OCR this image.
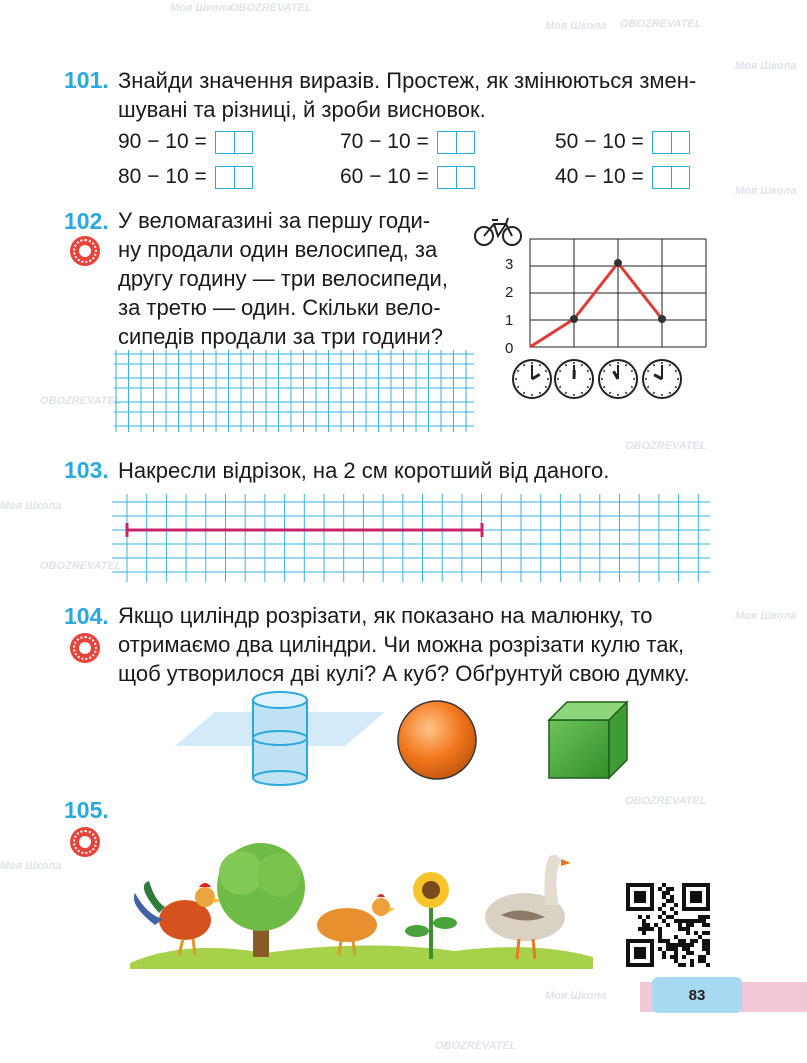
Моя Школа
OBOZREVATEL
Моя Школа OBOZREVATEL
Моя Школа
OBOZREVATEL
Моя Школа
OBOZREVATEL
Моя Школа
OBOZREVATEL
Моя Школа
OBOZREVATEL
Моя Школа
OBOZREVATEL
Моя Школа
101. Знайди значення виразів. Простеж, як змінюються змен-
шувані та різниці, й зроби висновок.
90 − 10 =	70 − 10 =	50 − 10 =
80 − 10 =	60 − 10 =	40 − 10 =
102. У веломагазині за першу годи-
ну продали один велосипед, за
другу годину — три велосипеди,
за третю — один. Скільки вело-
сипедів продали за три години?	0
1
2
3
103. Накресли відрізок, на 2 см коротший від даного.
104. Якщо циліндр розрізати, як показано на малюнку, то
отримаємо два циліндри. Чи можна розрізати кулю так,
щоб утворилося дві кулі? А куб? Обґрунтуй свою думку.
105.
83
